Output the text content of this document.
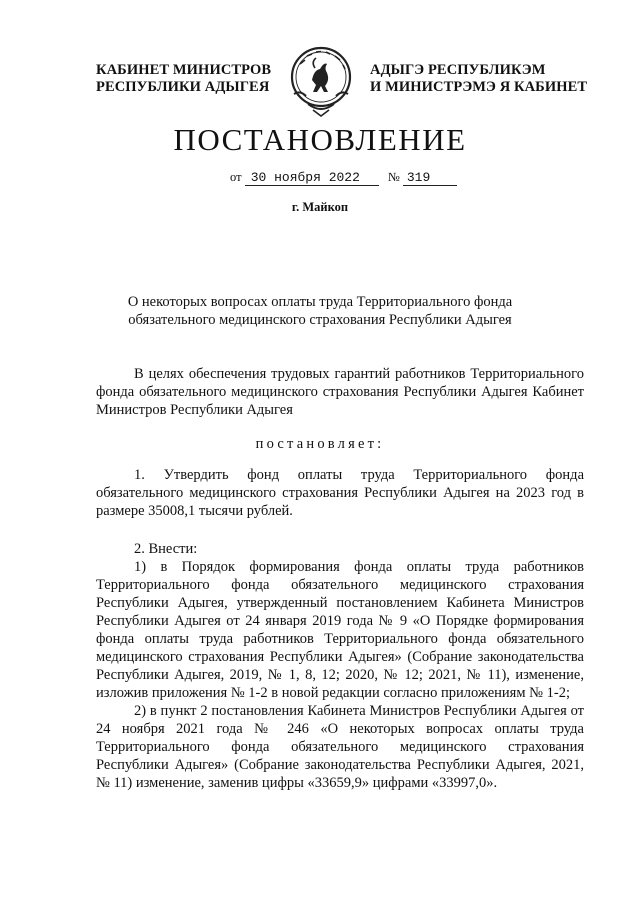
КАБИНЕТ МИНИСТРОВ
РЕСПУБЛИКИ АДЫГЕЯ
АДЫГЭ РЕСПУБЛИКЭМ
И МИНИСТРЭМЭ Я КАБИНЕТ
ПОСТАНОВЛЕНИЕ
от 30 ноября 2022 № 319
г. Майкоп
О некоторых вопросах оплаты труда Территориального фонда
обязательного медицинского страхования Республики Адыгея

В целях обеспечения трудовых гарантий работников Территориального фонда обязательного медицинского страхования Республики Адыгея Кабинет Министров Республики Адыгея

постановляет:

1. Утвердить фонд оплаты труда Территориального фонда обязательного медицинского страхования Республики Адыгея на 2023 год в размере 35008,1 тысячи рублей.

2. Внести:

1) в Порядок формирования фонда оплаты труда работников Территориального фонда обязательного медицинского страхования Республики Адыгея, утвержденный постановлением Кабинета Министров Республики Адыгея от 24 января 2019 года № 9 «О Порядке формирования фонда оплаты труда работников Территориального фонда обязательного медицинского страхования Республики Адыгея» (Собрание законодательства Республики Адыгея, 2019, № 1, 8, 12; 2020, № 12; 2021, № 11), изменение, изложив приложения № 1-2 в новой редакции согласно приложениям № 1-2;

2) в пункт 2 постановления Кабинета Министров Республики Адыгея от 24 ноября 2021 года № 246 «О некоторых вопросах оплаты труда Территориального фонда обязательного медицинского страхования Республики Адыгея» (Собрание законодательства Республики Адыгея, 2021, № 11) изменение, заменив цифры «33659,9» цифрами «33997,0».
